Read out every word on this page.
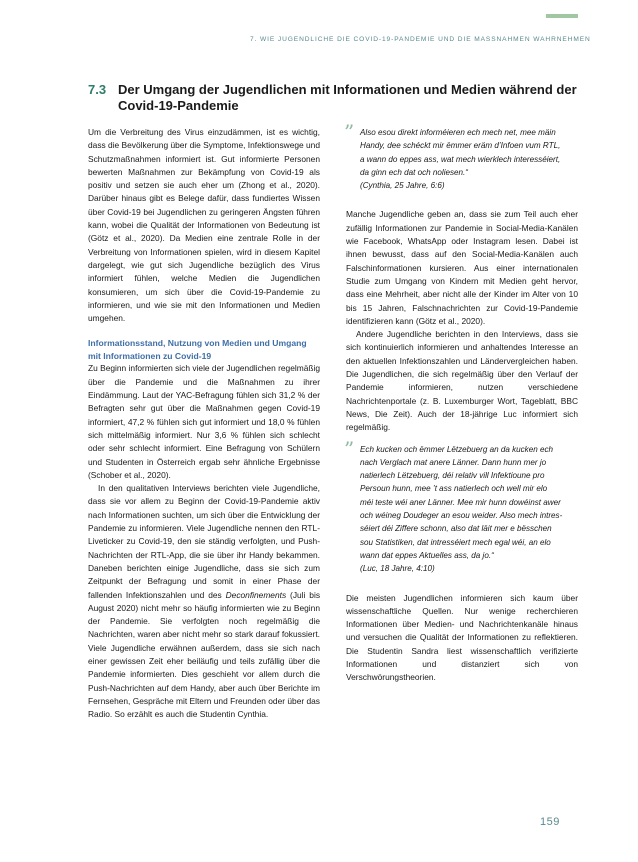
7. WIE JUGENDLICHE DIE COVID-19-PANDEMIE UND DIE MASSNAHMEN WAHRNEHMEN
7.3 Der Umgang der Jugendlichen mit Informationen und Medien während der Covid-19-Pandemie

Um die Verbreitung des Virus einzudämmen, ist es wichtig, dass die Bevölkerung über die Symptome, Infektionswege und Schutzmaßnahmen informiert ist. Gut informierte Personen bewerten Maßnahmen zur Bekämpfung von Covid-19 als positiv und setzen sie auch eher um (Zhong et al., 2020). Darüber hinaus gibt es Belege dafür, dass fundiertes Wissen über Covid-19 bei Jugendlichen zu geringeren Ängsten führen kann, wobei die Qualität der Informationen von Bedeutung ist (Götz et al., 2020). Da Medien eine zentrale Rolle in der Verbreitung von Informationen spielen, wird in diesem Kapitel dargelegt, wie gut sich Jugendliche bezüglich des Virus informiert fühlen, welche Medien die Jugendlichen konsumieren, um sich über die Covid-19-Pandemie zu informieren, und wie sie mit den Informationen und Medien umgehen.

Informationsstand, Nutzung von Medien und Umgang mit Informationen zu Covid-19

Zu Beginn informierten sich viele der Jugendlichen regelmäßig über die Pandemie und die Maßnahmen zu ihrer Eindämmung. Laut der YAC-Befragung fühlen sich 31,2 % der Befragten sehr gut über die Maßnahmen gegen Covid-19 informiert, 47,2 % fühlen sich gut informiert und 18,0 % fühlen sich mittelmäßig informiert. Nur 3,6 % fühlen sich schlecht oder sehr schlecht informiert. Eine Befragung von Schülern und Studenten in Österreich ergab sehr ähnliche Ergebnisse (Schober et al., 2020).

In den qualitativen Interviews berichten viele Jugendliche, dass sie vor allem zu Beginn der Covid-19-Pandemie aktiv nach Informationen suchten, um sich über die Entwicklung der Pandemie zu informieren. Viele Jugendliche nennen den RTL-Liveticker zu Covid-19, den sie ständig verfolgten, und Push-Nachrichten der RTL-App, die sie über ihr Handy bekammen. Daneben berichten einige Jugendliche, dass sie sich zum Zeitpunkt der Befragung und somit in einer Phase der fallenden Infektionszahlen und des Deconfinements (Juli bis August 2020) nicht mehr so häufig informierten wie zu Beginn der Pandemie. Sie verfolgten noch regelmäßig die Nachrichten, waren aber nicht mehr so stark darauf fokussiert. Viele Jugendliche erwähnen außerdem, dass sie sich nach einer gewissen Zeit eher beiläufig und teils zufällig über die Pandemie informierten. Dies geschieht vor allem durch die Push-Nachrichten auf dem Handy, aber auch über Berichte im Fernsehen, Gespräche mit Eltern und Freunden oder über das Radio. So erzählt es auch die Studentin Cynthia.

” Also esou direkt informéieren ech mech net, mee mäin
Handy, dee schéckt mir ëmmer eräm d’Infoen vum RTL,
a wann do eppes ass, wat mech wierklech interesséiert,
da ginn ech dat och noliesen.“
(Cynthia, 25 Jahre, 6:6)

Manche Jugendliche geben an, dass sie zum Teil auch eher zufällig Informationen zur Pandemie in Social-Media-Kanälen wie Facebook, WhatsApp oder Instagram lesen. Dabei ist ihnen bewusst, dass auf den Social-Media-Kanälen auch Falschinformationen kursieren. Aus einer internationalen Studie zum Umgang von Kindern mit Medien geht hervor, dass eine Mehrheit, aber nicht alle der Kinder im Alter von 10 bis 15 Jahren, Falschnachrichten zur Covid-19-Pandemie identifizieren kann (Götz et al., 2020).

Andere Jugendliche berichten in den Interviews, dass sie sich kontinuierlich informieren und anhaltendes Interesse an den aktuellen Infektionszahlen und Ländervergleichen haben. Die Jugendlichen, die sich regelmäßig über den Verlauf der Pandemie informieren, nutzen verschiedene Nachrichtenportale (z. B. Luxemburger Wort, Tageblatt, BBC News, Die Zeit). Auch der 18-jährige Luc informiert sich regelmäßig.

” Ech kucken och ëmmer Lëtzebuerg an da kucken ech
nach Verglach mat anere Länner. Dann hunn mer jo
natierlech Lëtzebuerg, déi relativ vill Infektioune pro
Persoun hunn, mee ’t ass natierlech och well mir elo
méi teste wéi aner Länner. Mee mir hunn dowéinst awer
och wéineg Doudeger an esou weider. Also mech intres-
séiert déi Ziffere schonn, also dat läit mer e bësschen
sou Statistiken, dat intresséiert mech egal wéi, an elo
wann dat eppes Aktuelles ass, da jo.“
(Luc, 18 Jahre, 4:10)

Die meisten Jugendlichen informieren sich kaum über wissenschaftliche Quellen. Nur wenige recherchieren Informationen über Medien- und Nachrichtenkanäle hinaus und versuchen die Qualität der Informationen zu reflektieren. Die Studentin Sandra liest wissenschaftlich verifizierte Informationen und distanziert sich von Verschwörungstheorien.

159
